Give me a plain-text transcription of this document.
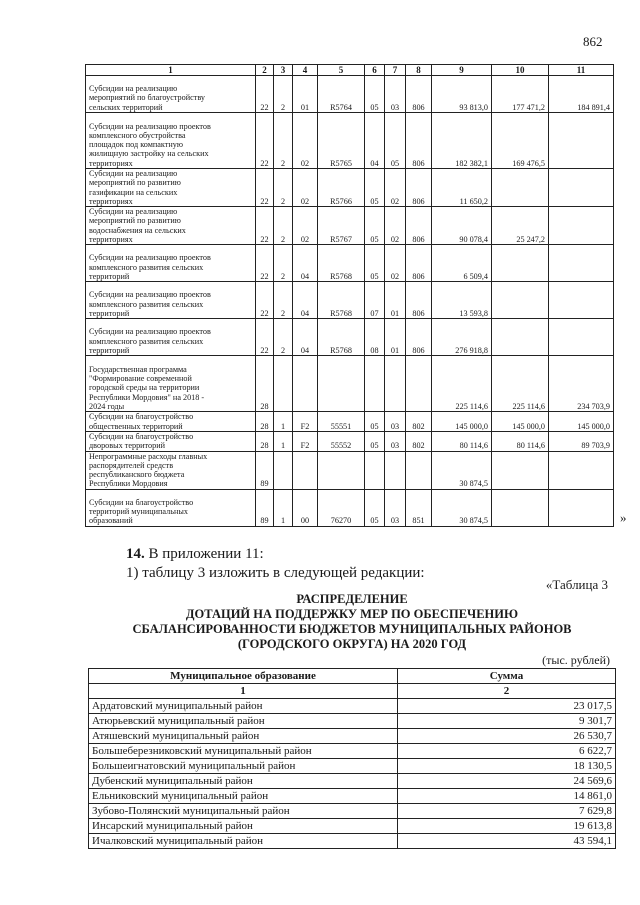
862
1	2	3	4	5	6	7	8	9	10	11
Субсидии на реализацию
мероприятий по благоустройству
сельских территорий	22	2	01	R5764	05	03	806	93 813,0	177 471,2	184 891,4
Субсидии на реализацию проектов
комплексного обустройства
площадок под компактную
жилищную застройку на сельских
территориях	22	2	02	R5765	04	05	806	182 382,1	169 476,5	
Субсидии на реализацию
мероприятий по развитию
газификации на сельских
территориях	22	2	02	R5766	05	02	806	11 650,2		
Субсидии на реализацию
мероприятий по развитию
водоснабжения на сельских
территориях	22	2	02	R5767	05	02	806	90 078,4	25 247,2	
Субсидии на реализацию проектов
комплексного развития сельских
территорий	22	2	04	R5768	05	02	806	6 509,4		
Субсидии на реализацию проектов
комплексного развития сельских
территорий	22	2	04	R5768	07	01	806	13 593,8		
Субсидии на реализацию проектов
комплексного развития сельских
территорий	22	2	04	R5768	08	01	806	276 918,8		
Государственная программа
"Формирование современной
городской среды на территории
Республики Мордовия" на 2018 -
2024 годы	28							225 114,6	225 114,6	234 703,9
Субсидии на благоустройство
общественных территорий	28	1	F2	55551	05	03	802	145 000,0	145 000,0	145 000,0
Субсидии на благоустройство
дворовых территорий	28	1	F2	55552	05	03	802	80 114,6	80 114,6	89 703,9
Непрограммные расходы главных
распорядителей средств
республиканского бюджета
Республики Мордовия	89							30 874,5		
Субсидии на благоустройство
территорий муниципальных
образований	89	1	00	76270	05	03	851	30 874,5			»
14. В приложении 11:
1) таблицу 3 изложить в следующей редакции:
«Таблица 3
РАСПРЕДЕЛЕНИЕ
ДОТАЦИЙ НА ПОДДЕРЖКУ МЕР ПО ОБЕСПЕЧЕНИЮ
СБАЛАНСИРОВАННОСТИ БЮДЖЕТОВ МУНИЦИПАЛЬНЫХ РАЙОНОВ
(ГОРОДСКОГО ОКРУГА) НА 2020 ГОД
(тыс. рублей)
Муниципальное образование	Сумма
1	2
Ардатовский муниципальный район	23 017,5
Атюрьевский муниципальный район	9 301,7
Атяшевский муниципальный район	26 530,7
Большеберезниковский муниципальный район	6 622,7
Большеигнатовский муниципальный район	18 130,5
Дубенский муниципальный район	24 569,6
Ельниковский муниципальный район	14 861,0
Зубово-Полянский муниципальный район	7 629,8
Инсарский муниципальный район	19 613,8
Ичалковский муниципальный район	43 594,1
